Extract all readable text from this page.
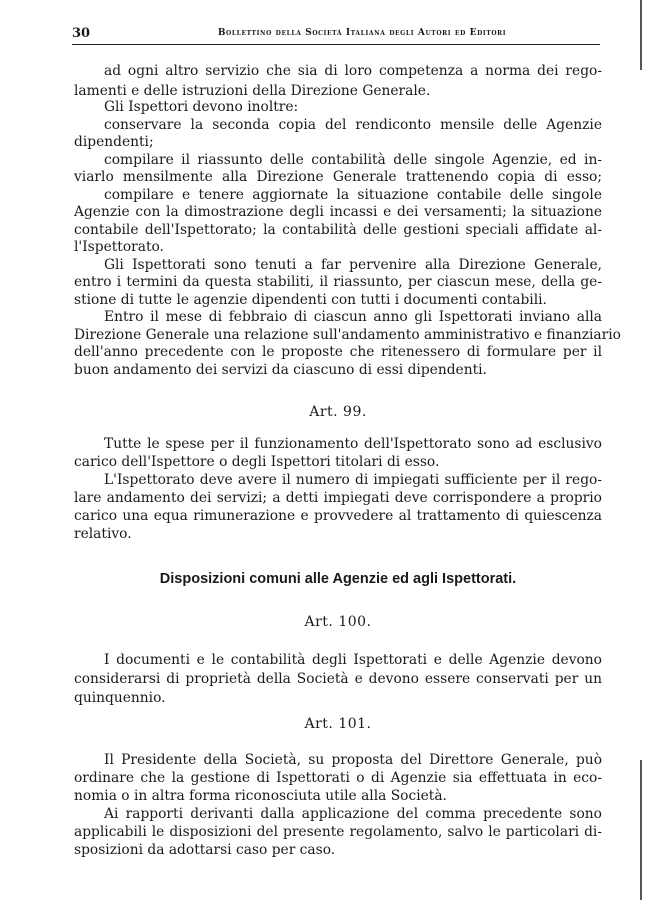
30	Bollettino della Società Italiana degli Autori ed Editori
ad ogni altro servizio che sia di loro competenza a norma dei rego-
lamenti e delle istruzioni della Direzione Generale.
Gli Ispettori devono inoltre:
conservare la seconda copia del rendiconto mensile delle Agenzie
dipendenti;
compilare il riassunto delle contabilità delle singole Agenzie, ed in-
viarlo mensilmente alla Direzione Generale trattenendo copia di esso;
compilare e tenere aggiornate la situazione contabile delle singole
Agenzie con la dimostrazione degli incassi e dei versamenti; la situazione
contabile dell'Ispettorato; la contabilità delle gestioni speciali affidate al-
l'Ispettorato.
Gli Ispettorati sono tenuti a far pervenire alla Direzione Generale,
entro i termini da questa stabiliti, il riassunto, per ciascun mese, della ge-
stione di tutte le agenzie dipendenti con tutti i documenti contabili.
Entro il mese di febbraio di ciascun anno gli Ispettorati inviano alla
Direzione Generale una relazione sull'andamento amministrativo e finanziario
dell'anno precedente con le proposte che ritenessero di formulare per il
buon andamento dei servizi da ciascuno di essi dipendenti.
Art. 99.
Tutte le spese per il funzionamento dell'Ispettorato sono ad esclusivo
carico dell'Ispettore o degli Ispettori titolari di esso.
L'Ispettorato deve avere il numero di impiegati sufficiente per il rego-
lare andamento dei servizi; a detti impiegati deve corrispondere a proprio
carico una equa rimunerazione e provvedere al trattamento di quiescenza
relativo.
Disposizioni comuni alle Agenzie ed agli Ispettorati.
Art. 100.
I documenti e le contabilità degli Ispettorati e delle Agenzie devono
considerarsi di proprietà della Società e devono essere conservati per un
quinquennio.
Art. 101.
Il Presidente della Società, su proposta del Direttore Generale, può
ordinare che la gestione di Ispettorati o di Agenzie sia effettuata in eco-
nomia o in altra forma riconosciuta utile alla Società.
Ai rapporti derivanti dalla applicazione del comma precedente sono
applicabili le disposizioni del presente regolamento, salvo le particolari di-
sposizioni da adottarsi caso per caso.
